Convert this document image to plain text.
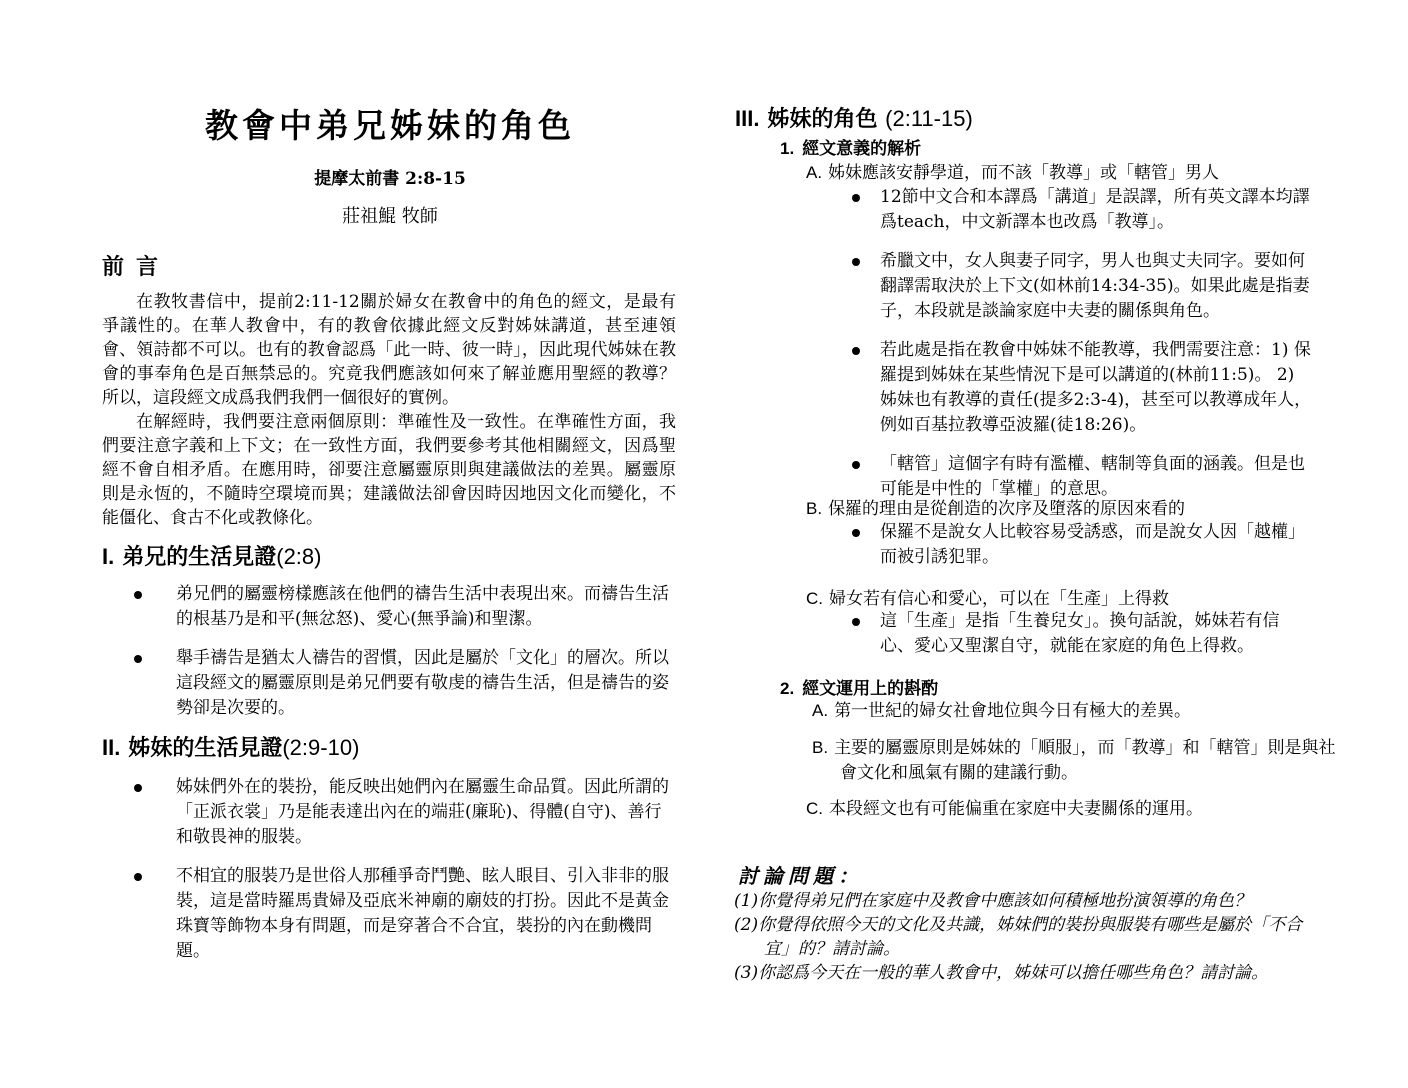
教會中弟兄姊妹的角色
提摩太前書 2:8-15
莊祖鯤 牧師
前言

在教牧書信中，提前2:11-12關於婦女在教會中的角色的經文，是最有爭議性的。在華人教會中，有的教會依據此經文反對姊妹講道，甚至連領會、領詩都不可以。也有的教會認爲「此一時、彼一時」，因此現代姊妹在教會的事奉角色是百無禁忌的。究竟我們應該如何來了解並應用聖經的教導？所以，這段經文成爲我們我們一個很好的實例。

在解經時，我們要注意兩個原則：準確性及一致性。在準確性方面，我們要注意字義和上下文；在一致性方面，我們要參考其他相關經文，因爲聖經不會自相矛盾。在應用時，卻要注意屬靈原則與建議做法的差異。屬靈原則是永恆的，不隨時空環境而異；建議做法卻會因時因地因文化而變化，不能僵化、食古不化或教條化。

I. 弟兄的生活見證(2:8)
弟兄們的屬靈榜樣應該在他們的禱告生活中表現出來。而禱告生活的根基乃是和平(無忿怒)、愛心(無爭論)和聖潔。
舉手禱告是猶太人禱告的習慣，因此是屬於「文化」的層次。所以這段經文的屬靈原則是弟兄們要有敬虔的禱告生活，但是禱告的姿勢卻是次要的。
II. 姊妹的生活見證(2:9-10)
姊妹們外在的裝扮，能反映出她們內在屬靈生命品質。因此所謂的「正派衣裳」乃是能表達出內在的端莊(廉恥)、得體(自守)、善行和敬畏神的服裝。
不相宜的服裝乃是世俗人那種爭奇鬥艷、眩人眼目、引入非非的服裝，這是當時羅馬貴婦及亞底米神廟的廟妓的打扮。因此不是黃金珠寶等飾物本身有問題，而是穿著合不合宜，裝扮的內在動機問題。
III. 姊妹的角色 (2:11-15)
1. 經文意義的解析
A. 姊妹應該安靜學道，而不該「教導」或「轄管」男人
12節中文合和本譯爲「講道」是誤譯，所有英文譯本均譯爲teach，中文新譯本也改爲「教導」。
希臘文中，女人與妻子同字，男人也與丈夫同字。要如何翻譯需取決於上下文(如林前14:34-35)。如果此處是指妻子，本段就是談論家庭中夫妻的關係與角色。
若此處是指在教會中姊妹不能教導，我們需要注意：1) 保羅提到姊妹在某些情況下是可以講道的(林前11:5)。 2) 姊妹也有教導的責任(提多2:3-4)，甚至可以教導成年人，例如百基拉教導亞波羅(徒18:26)。
「轄管」這個字有時有濫權、轄制等負面的涵義。但是也可能是中性的「掌權」的意思。
B. 保羅的理由是從創造的次序及墮落的原因來看的
保羅不是說女人比較容易受誘惑，而是說女人因「越權」而被引誘犯罪。
C. 婦女若有信心和愛心，可以在「生產」上得救
這「生產」是指「生養兒女」。換句話說，姊妹若有信心、愛心又聖潔自守，就能在家庭的角色上得救。
2. 經文運用上的斟酌
A. 第一世紀的婦女社會地位與今日有極大的差異。
B. 主要的屬靈原則是姊妹的「順服」，而「教導」和「轄管」則是與社會文化和風氣有關的建議行動。
C. 本段經文也有可能偏重在家庭中夫妻關係的運用。
討論問題：
(1)你覺得弟兄們在家庭中及教會中應該如何積極地扮演領導的角色？
(2)你覺得依照今天的文化及共識，姊妹們的裝扮與服裝有哪些是屬於「不合宜」的？請討論。
(3)你認爲今天在一般的華人教會中，姊妹可以擔任哪些角色？請討論。
